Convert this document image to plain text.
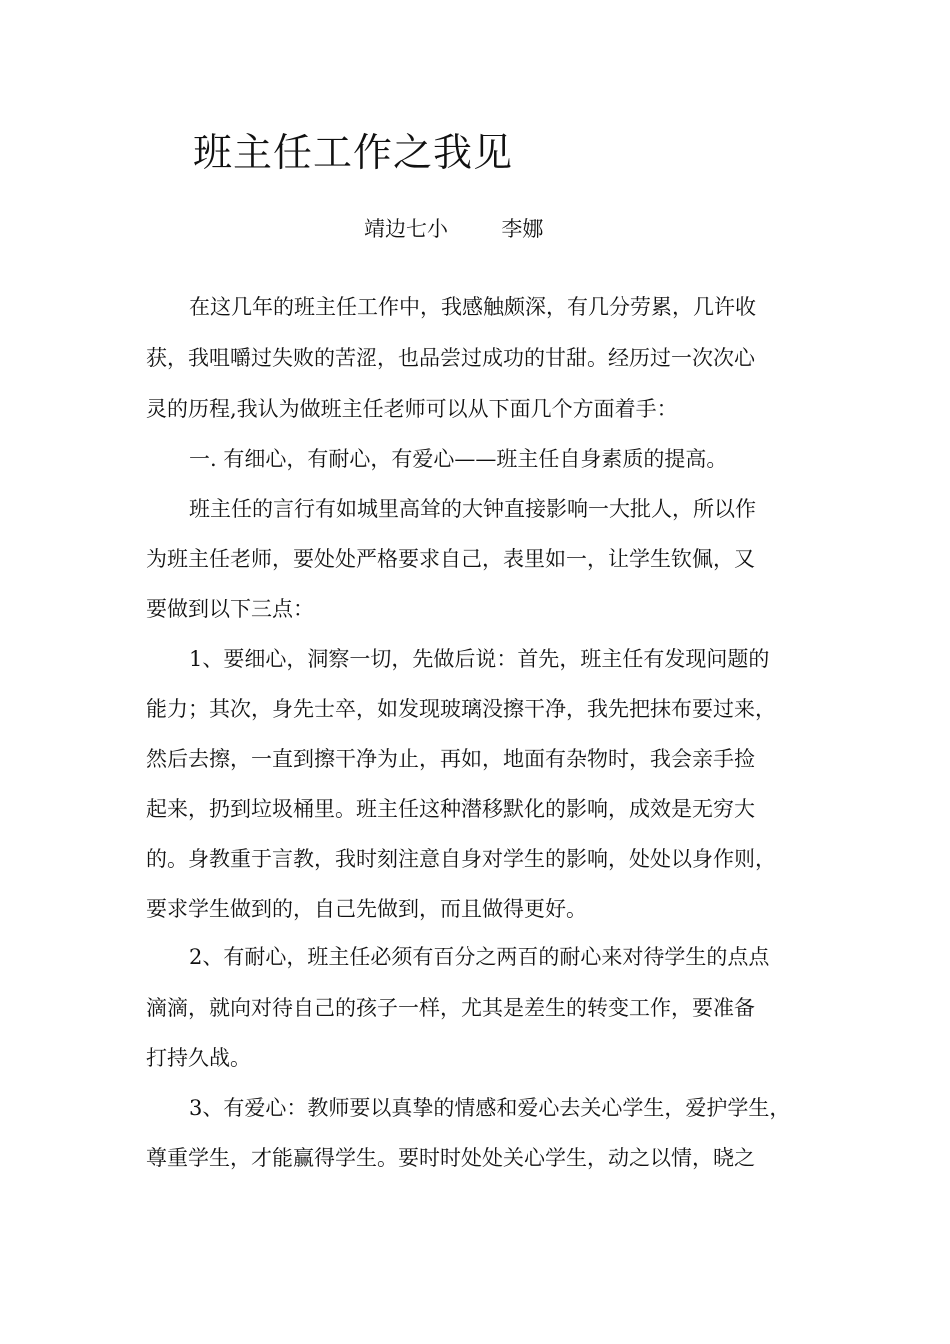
班主任工作之我见
靖边七小        李娜
在这几年的班主任工作中，我感触颇深，有几分劳累，几许收
获，我咀嚼过失败的苦涩，也品尝过成功的甘甜。经历过一次次心
灵的历程,我认为做班主任老师可以从下面几个方面着手：
一. 有细心，有耐心，有爱心——班主任自身素质的提高。
班主任的言行有如城里高耸的大钟直接影响一大批人，所以作
为班主任老师，要处处严格要求自己，表里如一，让学生钦佩，又
要做到以下三点：
1、要细心，洞察一切，先做后说：首先，班主任有发现问题的
能力；其次，身先士卒，如发现玻璃没擦干净，我先把抹布要过来，
然后去擦，一直到擦干净为止，再如，地面有杂物时，我会亲手捡
起来，扔到垃圾桶里。班主任这种潜移默化的影响，成效是无穷大
的。身教重于言教，我时刻注意自身对学生的影响，处处以身作则，
要求学生做到的，自己先做到，而且做得更好。
2、有耐心，班主任必须有百分之两百的耐心来对待学生的点点
滴滴，就向对待自己的孩子一样，尤其是差生的转变工作，要准备
打持久战。
3、有爱心：教师要以真挚的情感和爱心去关心学生，爱护学生，
尊重学生，才能赢得学生。要时时处处关心学生，动之以情，晓之
